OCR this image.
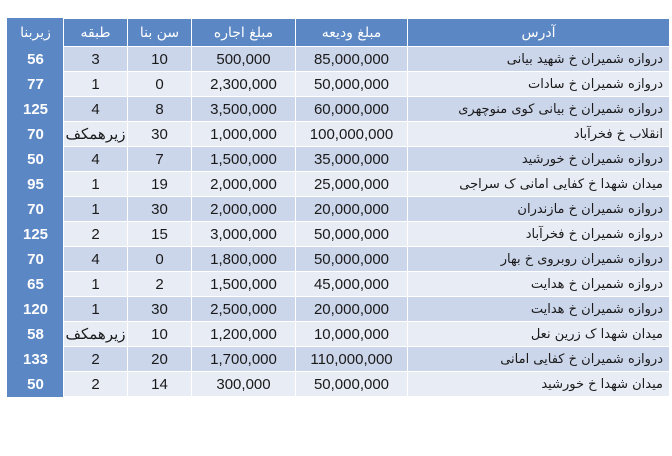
آدرس	مبلغ ودیعه	مبلغ اجاره	سن بنا	طبقه	زیربنا
دروازه شمیران خ شهید بیانی	85,000,000	500,000	10	3	56
دروازه شمیران خ سادات	50,000,000	2,300,000	0	1	77
دروازه شمیران خ بیانی کوی منوچهری	60,000,000	3,500,000	8	4	125
انقلاب خ فخرآباد	100,000,000	1,000,000	30	زیرهمکف	70
دروازه شمیران خ خورشید	35,000,000	1,500,000	7	4	50
میدان شهدا خ کفایی امانی ک سراجی	25,000,000	2,000,000	19	1	95
دروازه شمیران خ مازندران	20,000,000	2,000,000	30	1	70
دروازه شمیران خ فخرآباد	50,000,000	3,000,000	15	2	125
دروازه شمیران روبروی خ بهار	50,000,000	1,800,000	0	4	70
دروازه شمیران خ هدایت	45,000,000	1,500,000	2	1	65
دروازه شمیران خ هدایت	20,000,000	2,500,000	30	1	120
میدان شهدا ک زرین نعل	10,000,000	1,200,000	10	زیرهمکف	58
دروازه شمیران خ کفایی امانی	110,000,000	1,700,000	20	2	133
میدان شهدا خ خورشید	50,000,000	300,000	14	2	50
